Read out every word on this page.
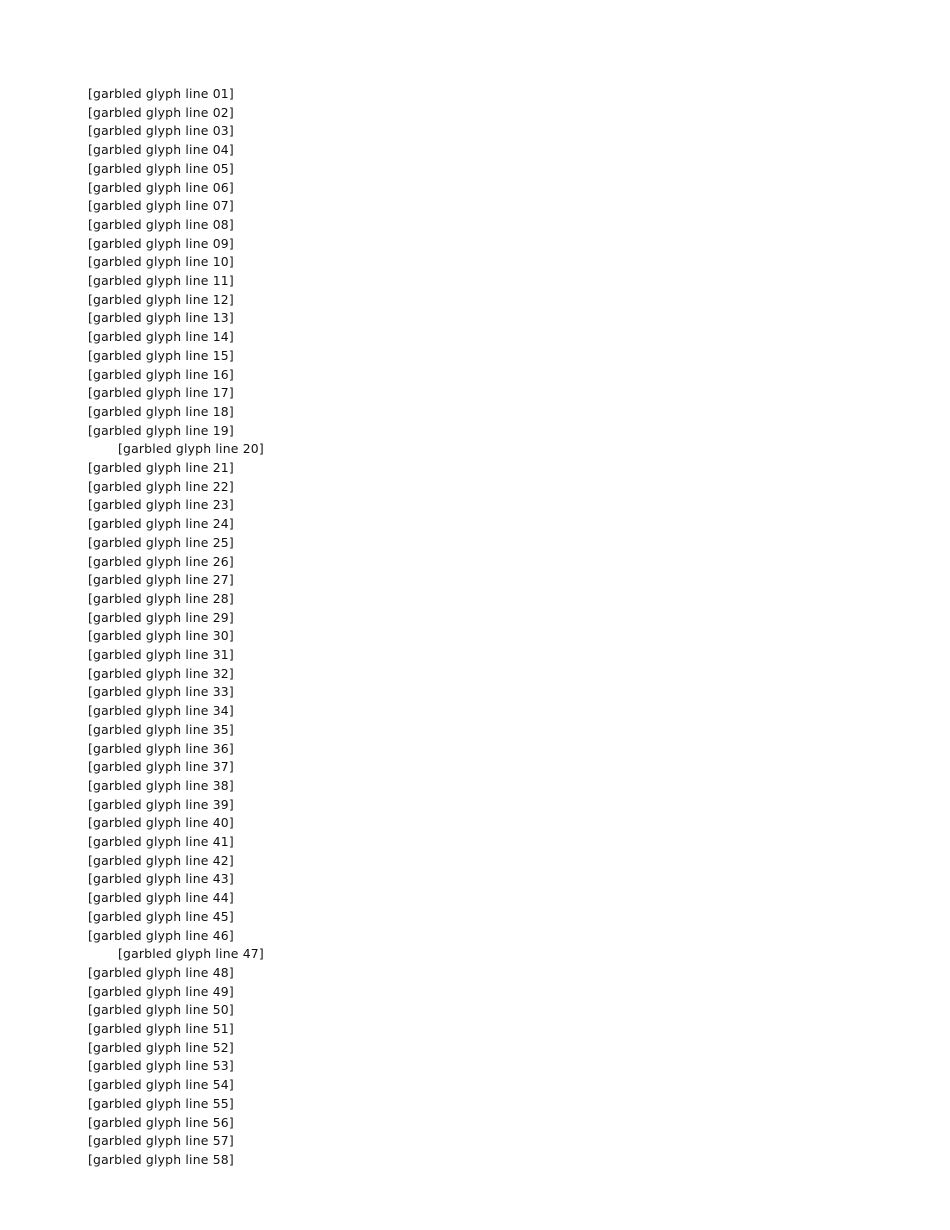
[garbled glyph line 01]
[garbled glyph line 02]
[garbled glyph line 03]
[garbled glyph line 04]
[garbled glyph line 05]
[garbled glyph line 06]
[garbled glyph line 07]
[garbled glyph line 08]
[garbled glyph line 09]
[garbled glyph line 10]
[garbled glyph line 11]
[garbled glyph line 12]
[garbled glyph line 13]
[garbled glyph line 14]
[garbled glyph line 15]
[garbled glyph line 16]
[garbled glyph line 17]
[garbled glyph line 18]
[garbled glyph line 19]
[garbled glyph line 20]
[garbled glyph line 21]
[garbled glyph line 22]
[garbled glyph line 23]
[garbled glyph line 24]
[garbled glyph line 25]
[garbled glyph line 26]
[garbled glyph line 27]
[garbled glyph line 28]
[garbled glyph line 29]
[garbled glyph line 30]
[garbled glyph line 31]
[garbled glyph line 32]
[garbled glyph line 33]
[garbled glyph line 34]
[garbled glyph line 35]
[garbled glyph line 36]
[garbled glyph line 37]
[garbled glyph line 38]
[garbled glyph line 39]
[garbled glyph line 40]
[garbled glyph line 41]
[garbled glyph line 42]
[garbled glyph line 43]
[garbled glyph line 44]
[garbled glyph line 45]
[garbled glyph line 46]
[garbled glyph line 47]
[garbled glyph line 48]
[garbled glyph line 49]
[garbled glyph line 50]
[garbled glyph line 51]
[garbled glyph line 52]
[garbled glyph line 53]
[garbled glyph line 54]
[garbled glyph line 55]
[garbled glyph line 56]
[garbled glyph line 57]
[garbled glyph line 58]
